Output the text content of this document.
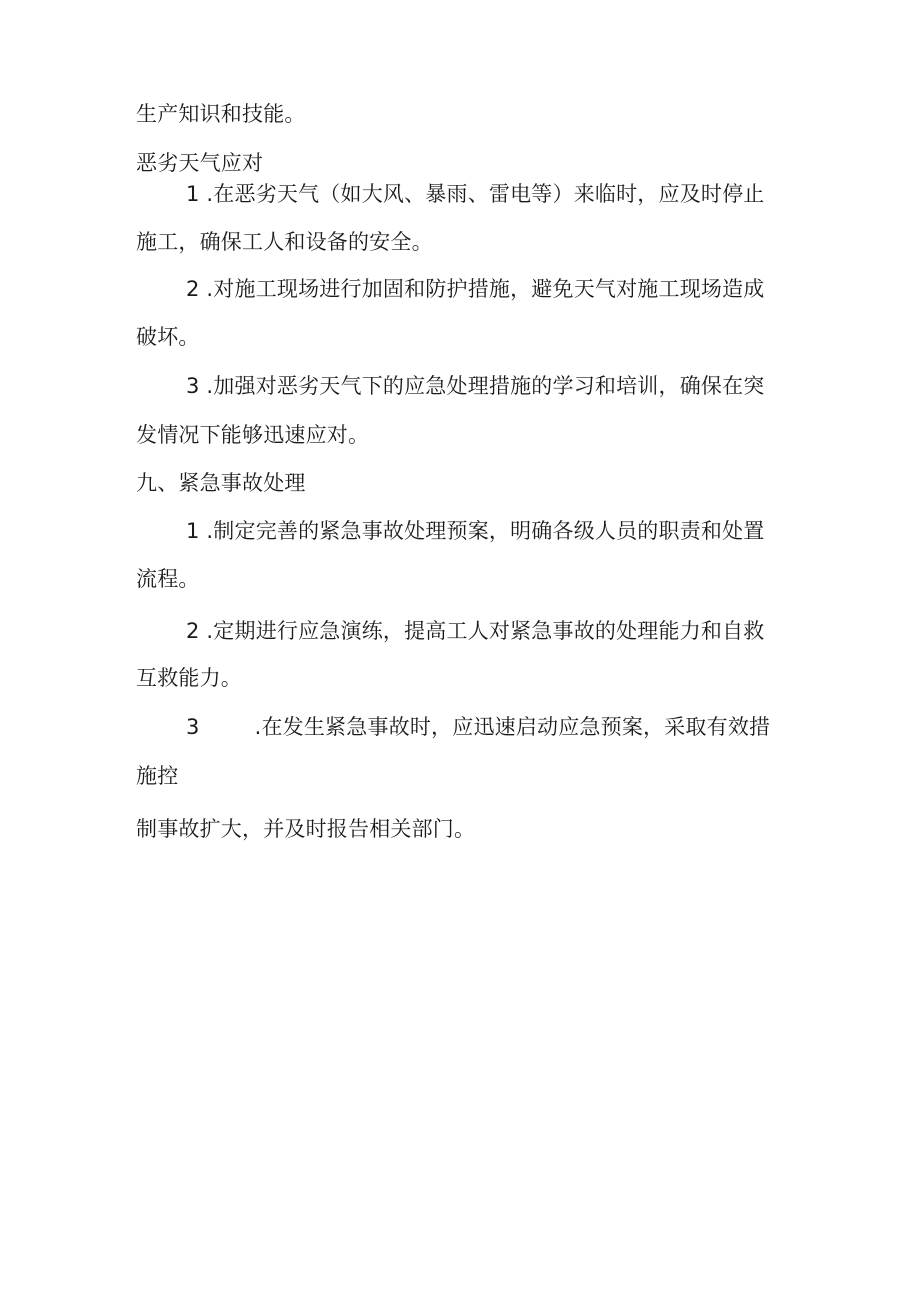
生产知识和技能。
恶劣天气应对
1 .在恶劣天气（如大风、暴雨、雷电等）来临时，应及时停止
施工，确保工人和设备的安全。
2 .对施工现场进行加固和防护措施，避免天气对施工现场造成
破坏。
3 .加强对恶劣天气下的应急处理措施的学习和培训，确保在突
发情况下能够迅速应对。
九、紧急事故处理
1 .制定完善的紧急事故处理预案，明确各级人员的职责和处置
流程。
2 .定期进行应急演练，提高工人对紧急事故的处理能力和自救
互救能力。
3        .在发生紧急事故时，应迅速启动应急预案，采取有效措
施控
制事故扩大，并及时报告相关部门。
